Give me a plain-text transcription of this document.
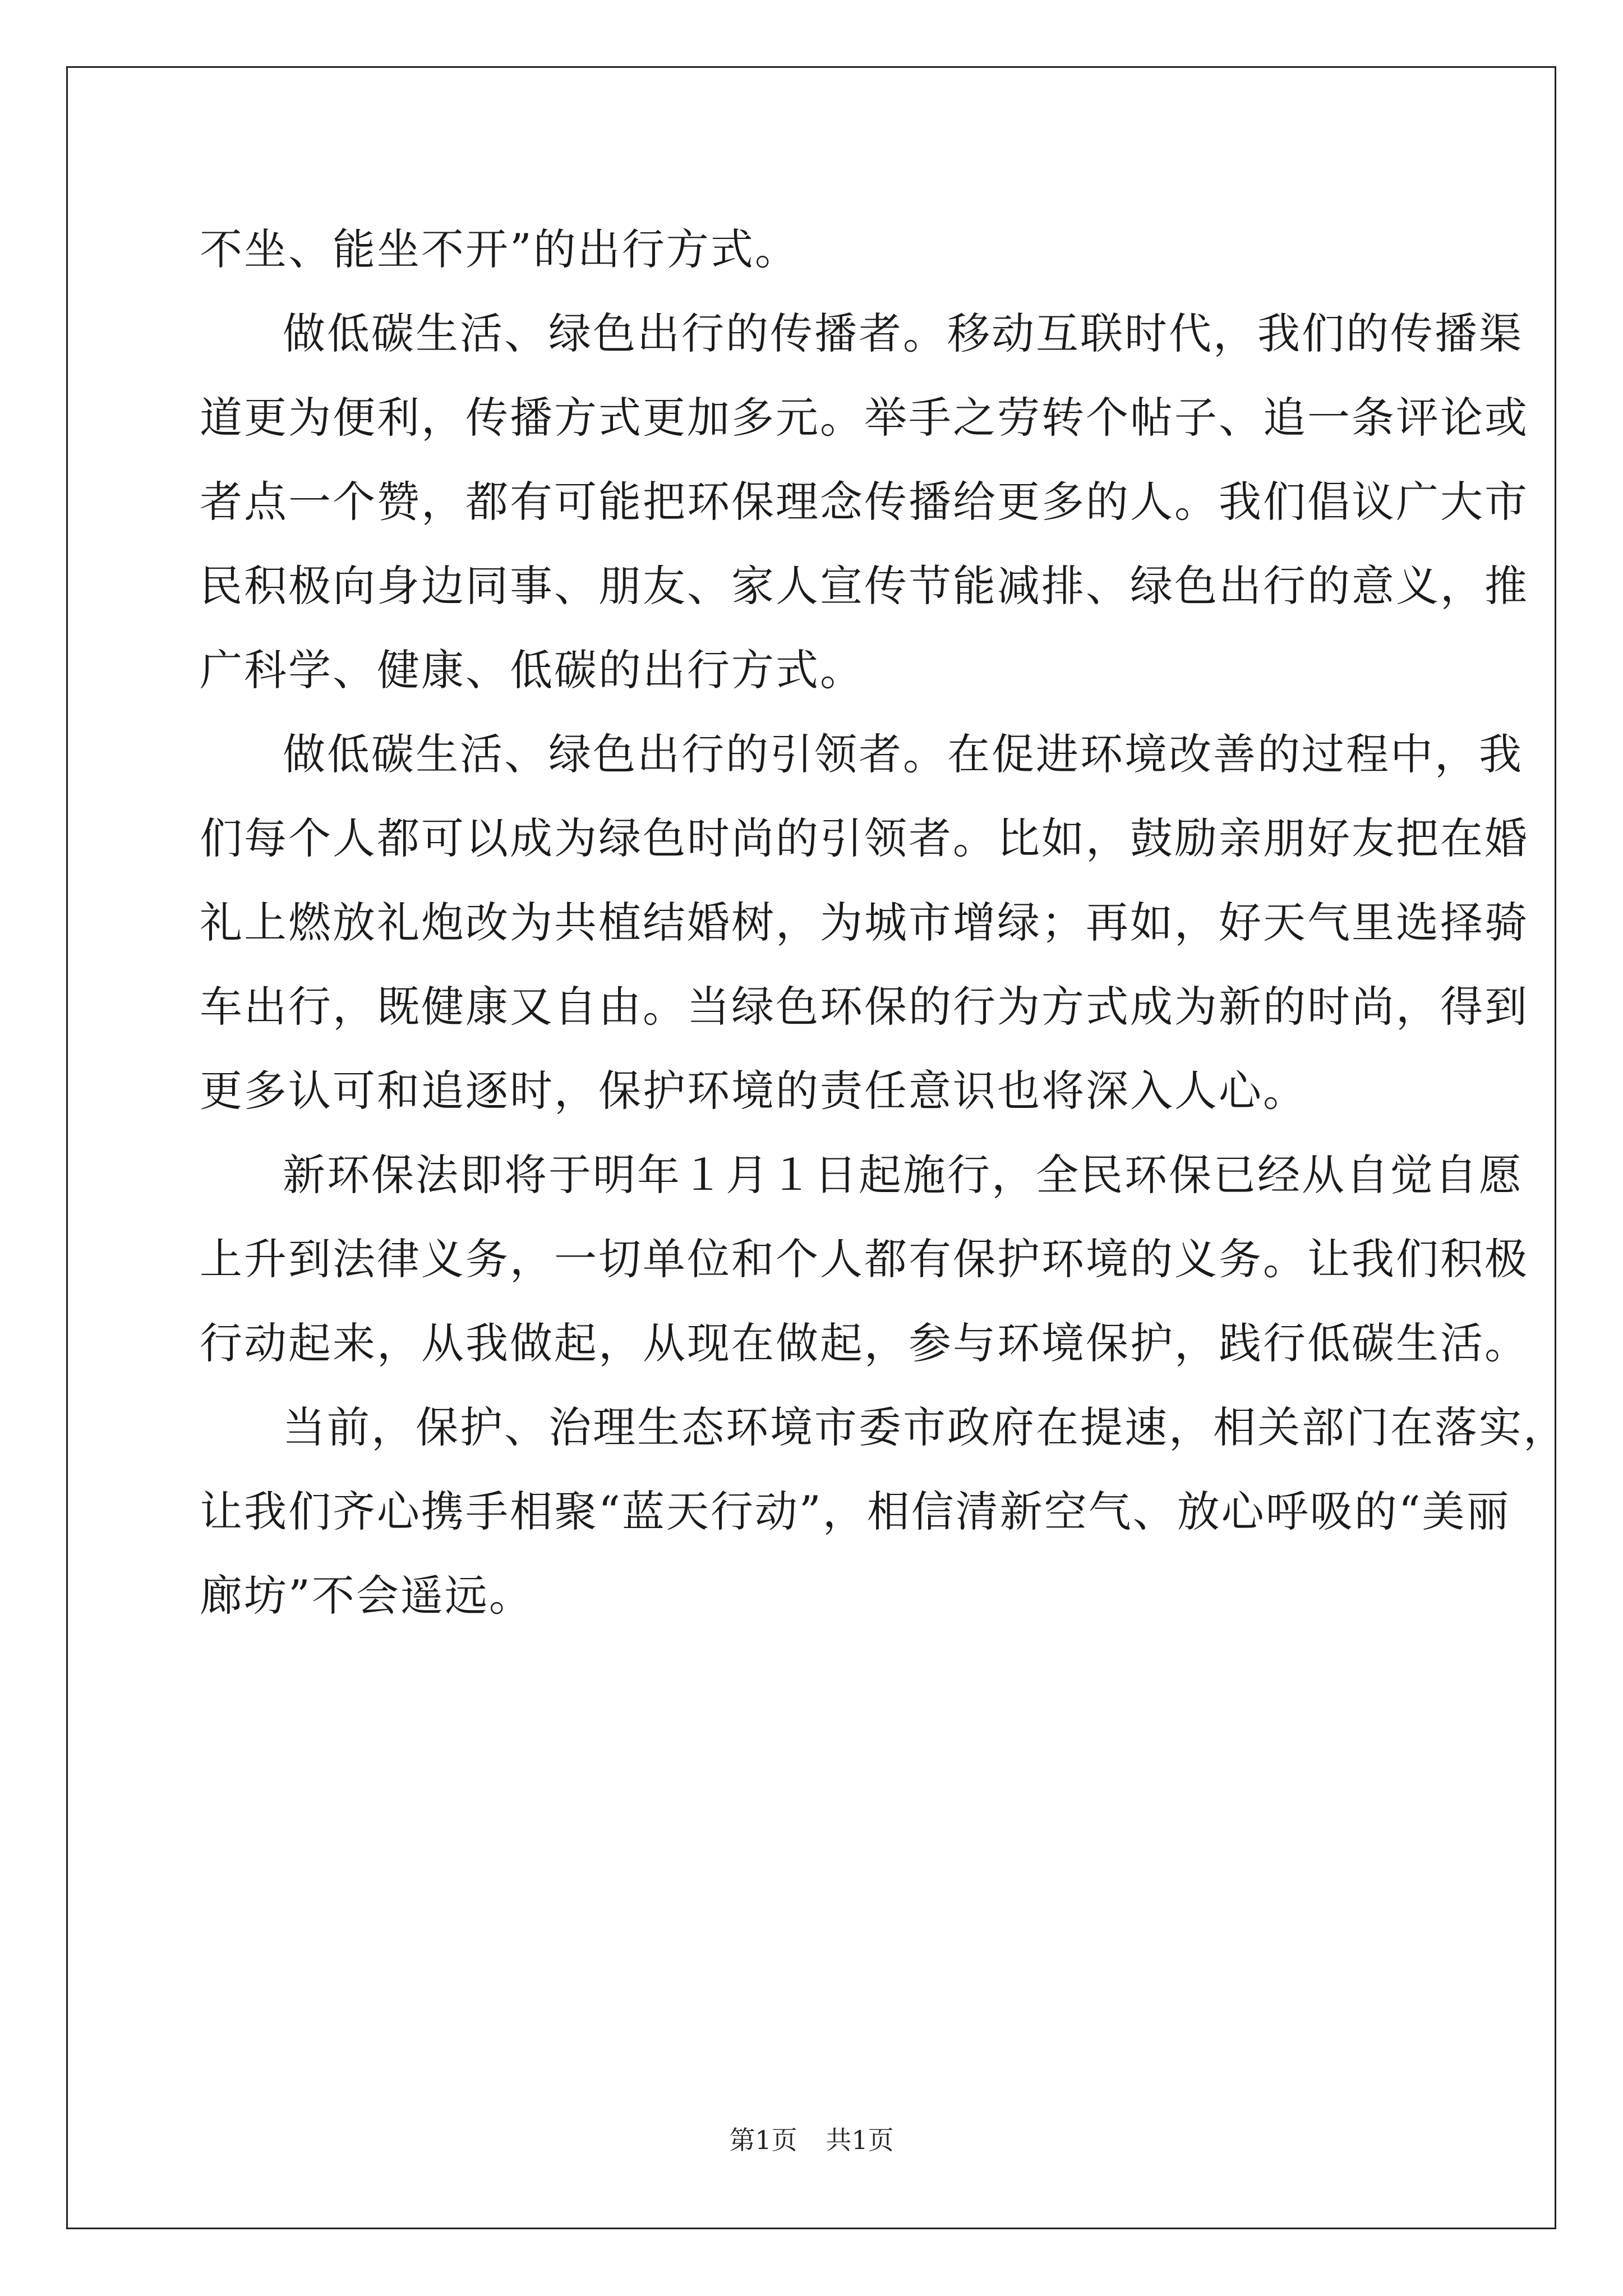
不坐、能坐不开”的出行方式。
做低碳生活、绿色出行的传播者。移动互联时代，我们的传播渠
道更为便利，传播方式更加多元。举手之劳转个帖子、追一条评论或
者点一个赞，都有可能把环保理念传播给更多的人。我们倡议广大市
民积极向身边同事、朋友、家人宣传节能减排、绿色出行的意义，推
广科学、健康、低碳的出行方式。
做低碳生活、绿色出行的引领者。在促进环境改善的过程中，我
们每个人都可以成为绿色时尚的引领者。比如，鼓励亲朋好友把在婚
礼上燃放礼炮改为共植结婚树，为城市增绿；再如，好天气里选择骑
车出行，既健康又自由。当绿色环保的行为方式成为新的时尚，得到
更多认可和追逐时，保护环境的责任意识也将深入人心。
新环保法即将于明年１月１日起施行，全民环保已经从自觉自愿
上升到法律义务，一切单位和个人都有保护环境的义务。让我们积极
行动起来，从我做起，从现在做起，参与环境保护，践行低碳生活。
当前，保护、治理生态环境市委市政府在提速，相关部门在落实，
让我们齐心携手相聚“蓝天行动”，相信清新空气、放心呼吸的“美丽
廊坊”不会遥远。
第1页 共1页
